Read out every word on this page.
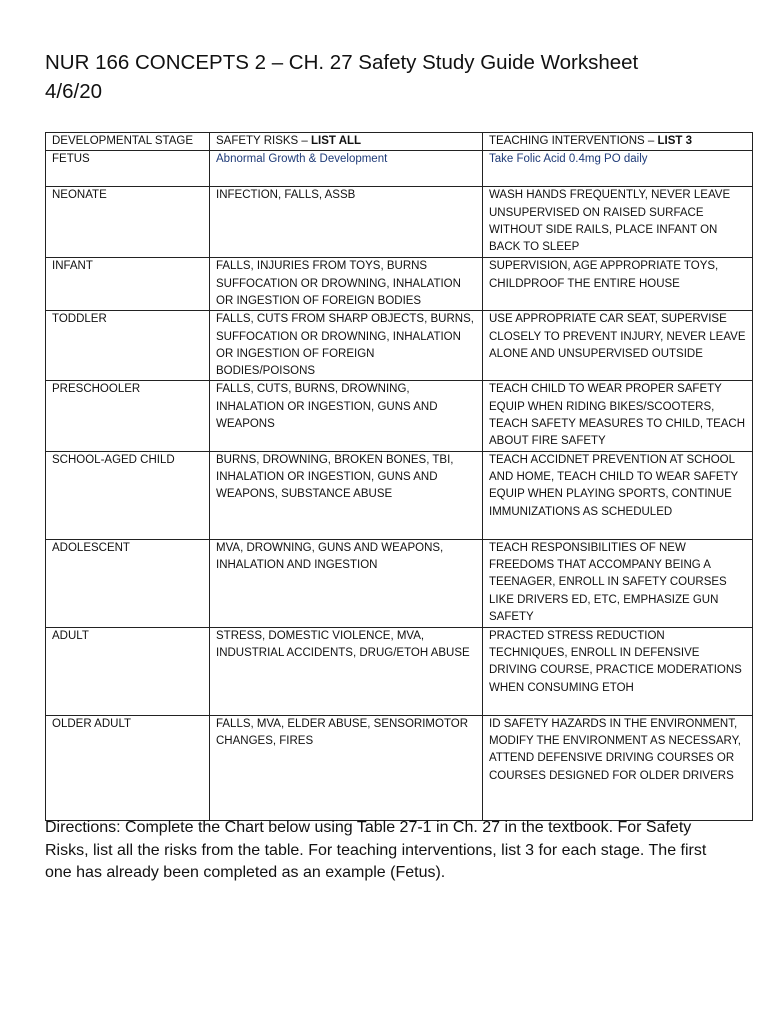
NUR 166 CONCEPTS 2 – CH. 27 Safety Study Guide Worksheet
4/6/20
DEVELOPMENTAL STAGE	SAFETY RISKS – LIST ALL	TEACHING INTERVENTIONS – LIST 3
FETUS	Abnormal Growth & Development	Take Folic Acid 0.4mg PO daily
NEONATE	INFECTION, FALLS, ASSB	WASH HANDS FREQUENTLY, NEVER LEAVE UNSUPERVISED ON RAISED SURFACE WITHOUT SIDE RAILS, PLACE INFANT ON BACK TO SLEEP
INFANT	FALLS, INJURIES FROM TOYS, BURNS SUFFOCATION OR DROWNING, INHALATION OR INGESTION OF FOREIGN BODIES	SUPERVISION, AGE APPROPRIATE TOYS, CHILDPROOF THE ENTIRE HOUSE
TODDLER	FALLS, CUTS FROM SHARP OBJECTS, BURNS, SUFFOCATION OR DROWNING, INHALATION OR INGESTION OF FOREIGN BODIES/POISONS	USE APPROPRIATE CAR SEAT, SUPERVISE CLOSELY TO PREVENT INJURY, NEVER LEAVE ALONE AND UNSUPERVISED OUTSIDE
PRESCHOOLER	FALLS, CUTS, BURNS, DROWNING, INHALATION OR INGESTION, GUNS AND WEAPONS	TEACH CHILD TO WEAR PROPER SAFETY EQUIP WHEN RIDING BIKES/SCOOTERS, TEACH SAFETY MEASURES TO CHILD, TEACH ABOUT FIRE SAFETY
SCHOOL-AGED CHILD	BURNS, DROWNING, BROKEN BONES, TBI, INHALATION OR INGESTION, GUNS AND WEAPONS, SUBSTANCE ABUSE	TEACH ACCIDNET PREVENTION AT SCHOOL AND HOME, TEACH CHILD TO WEAR SAFETY EQUIP WHEN PLAYING SPORTS, CONTINUE IMMUNIZATIONS AS SCHEDULED
ADOLESCENT	MVA, DROWNING, GUNS AND WEAPONS, INHALATION AND INGESTION	TEACH RESPONSIBILITIES OF NEW FREEDOMS THAT ACCOMPANY BEING A TEENAGER, ENROLL IN SAFETY COURSES LIKE DRIVERS ED, ETC, EMPHASIZE GUN SAFETY
ADULT	STRESS, DOMESTIC VIOLENCE, MVA, INDUSTRIAL ACCIDENTS, DRUG/ETOH ABUSE	PRACTED STRESS REDUCTION TECHNIQUES, ENROLL IN DEFENSIVE DRIVING COURSE, PRACTICE MODERATIONS WHEN CONSUMING ETOH
OLDER ADULT	FALLS, MVA, ELDER ABUSE, SENSORIMOTOR CHANGES, FIRES	ID SAFETY HAZARDS IN THE ENVIRONMENT, MODIFY THE ENVIRONMENT AS NECESSARY, ATTEND DEFENSIVE DRIVING COURSES OR COURSES DESIGNED FOR OLDER DRIVERS

Directions: Complete the Chart below using Table 27-1 in Ch. 27 in the textbook. For Safety Risks, list all the risks from the table. For teaching interventions, list 3 for each stage. The first one has already been completed as an example (Fetus).
